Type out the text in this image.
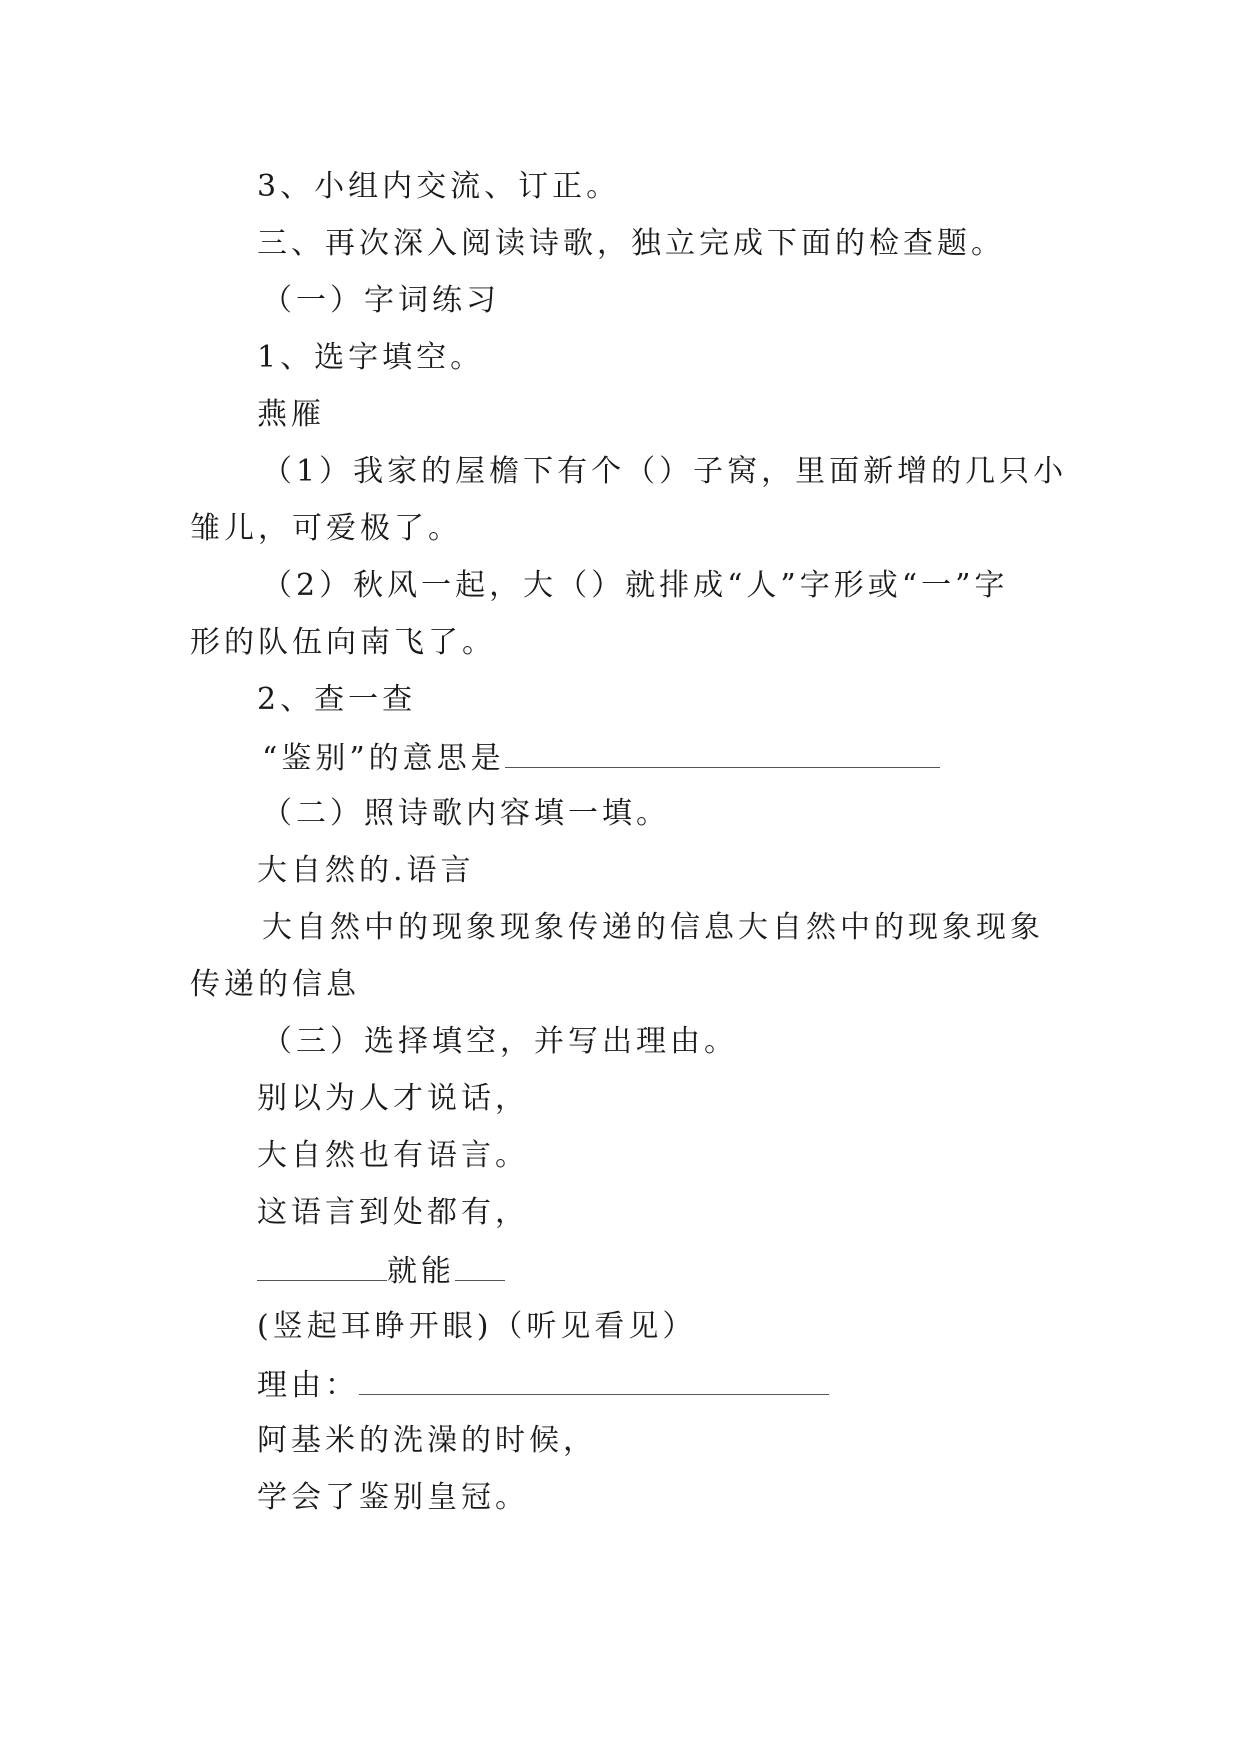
3、小组内交流、订正。
三、再次深入阅读诗歌，独立完成下面的检查题。
（一）字词练习
1、选字填空。
燕雁
（1）我家的屋檐下有个（）子窝，里面新增的几只小
雏儿，可爱极了。
（2）秋风一起，大（）就排成“人”字形或“一”字
形的队伍向南飞了。
2、查一查
“鉴别”的意思是
（二）照诗歌内容填一填。
大自然的.语言
大自然中的现象现象传递的信息大自然中的现象现象
传递的信息
（三）选择填空，并写出理由。
别以为人才说话，
大自然也有语言。
这语言到处都有，
就能
(竖起耳睁开眼)（听见看见）
理由：
阿基米的洗澡的时候，
学会了鉴别皇冠。
